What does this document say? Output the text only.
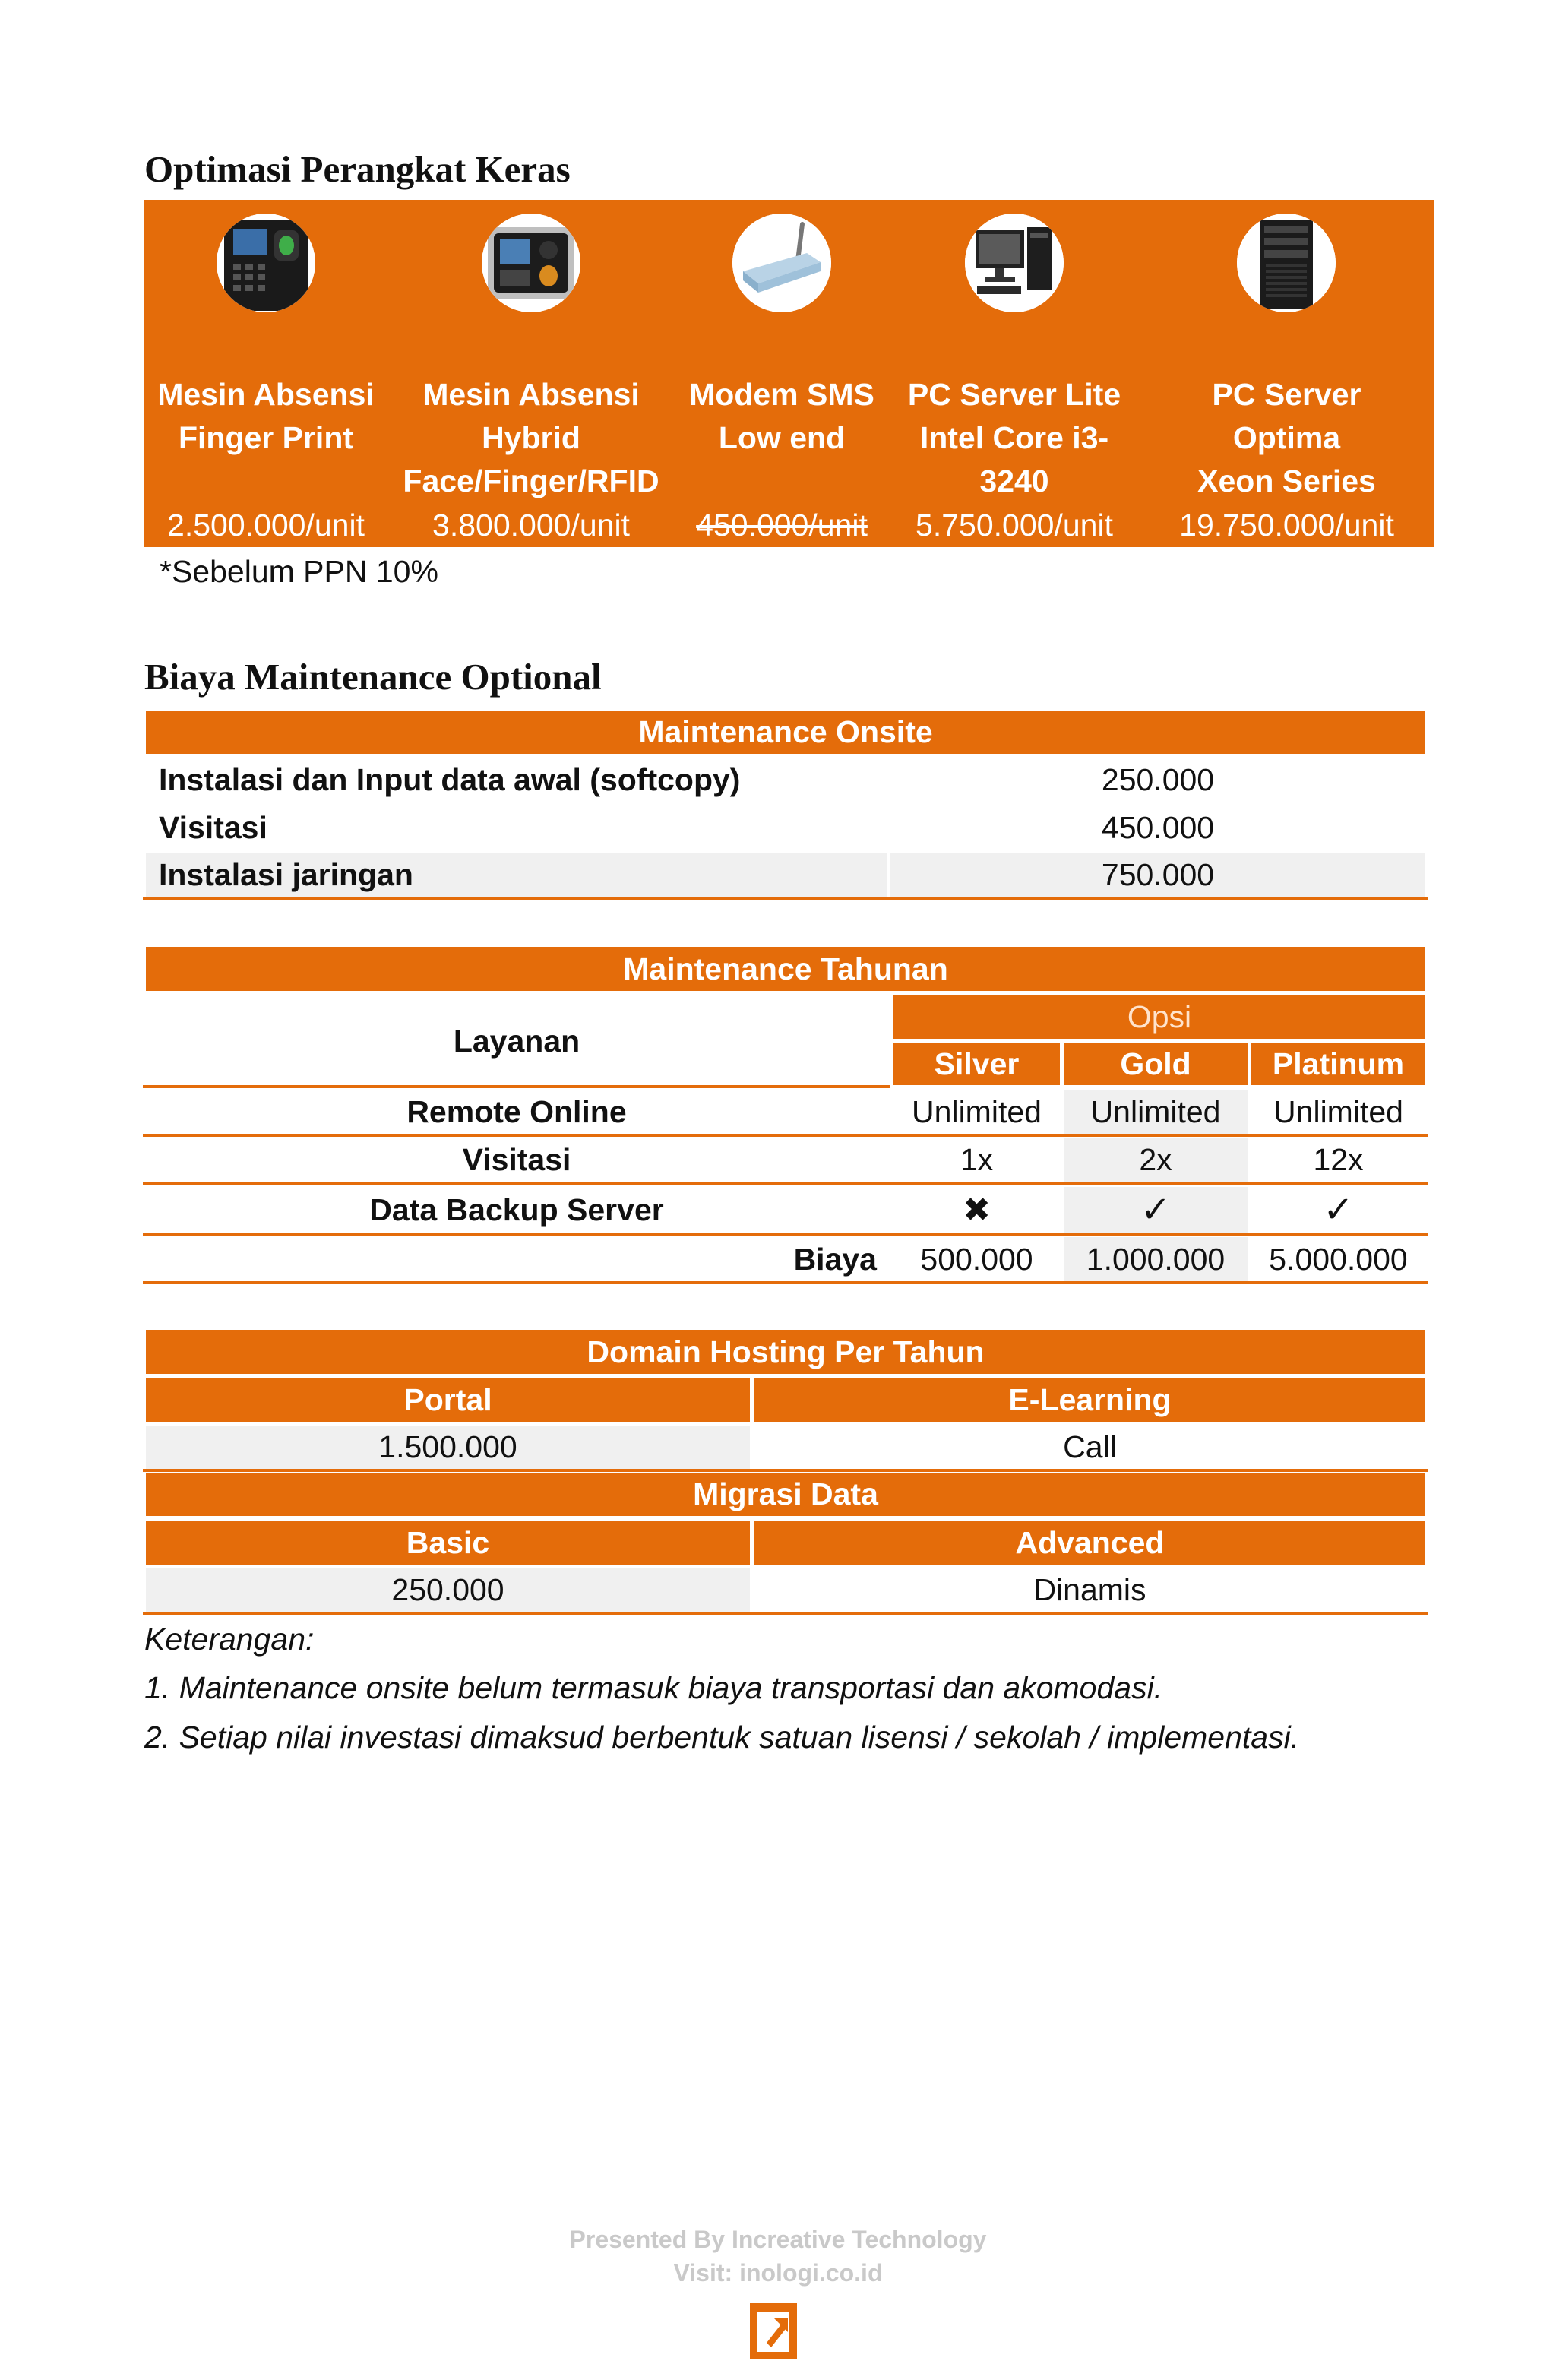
Optimasi Perangkat Keras
Mesin Absensi
Finger Print
2.500.000/unit
Mesin Absensi
Hybrid
Face/Finger/RFID
3.800.000/unit
Modem SMS
Low end
450.000/unit
PC Server Lite
Intel Core i3-
3240
5.750.000/unit
PC Server
Optima
Xeon Series
19.750.000/unit
*Sebelum PPN 10%
Biaya Maintenance Optional
Maintenance Onsite
Instalasi dan Input data awal (softcopy)	250.000
Visitasi	450.000
Instalasi jaringan	750.000
Maintenance Tahunan
Layanan
Opsi
Silver	Gold	Platinum
Remote Online	Unlimited	Unlimited	Unlimited
Visitasi	1x	2x	12x
Data Backup Server	✖	✓	✓
Biaya	500.000	1.000.000	5.000.000
Domain Hosting Per Tahun
Portal	E-Learning
1.500.000	Call
Migrasi Data
Basic	Advanced
250.000	Dinamis
Keterangan:
1. Maintenance onsite belum termasuk biaya transportasi dan akomodasi.
2. Setiap nilai investasi dimaksud berbentuk satuan lisensi / sekolah / implementasi.
Presented By Increative Technology
Visit: inologi.co.id
